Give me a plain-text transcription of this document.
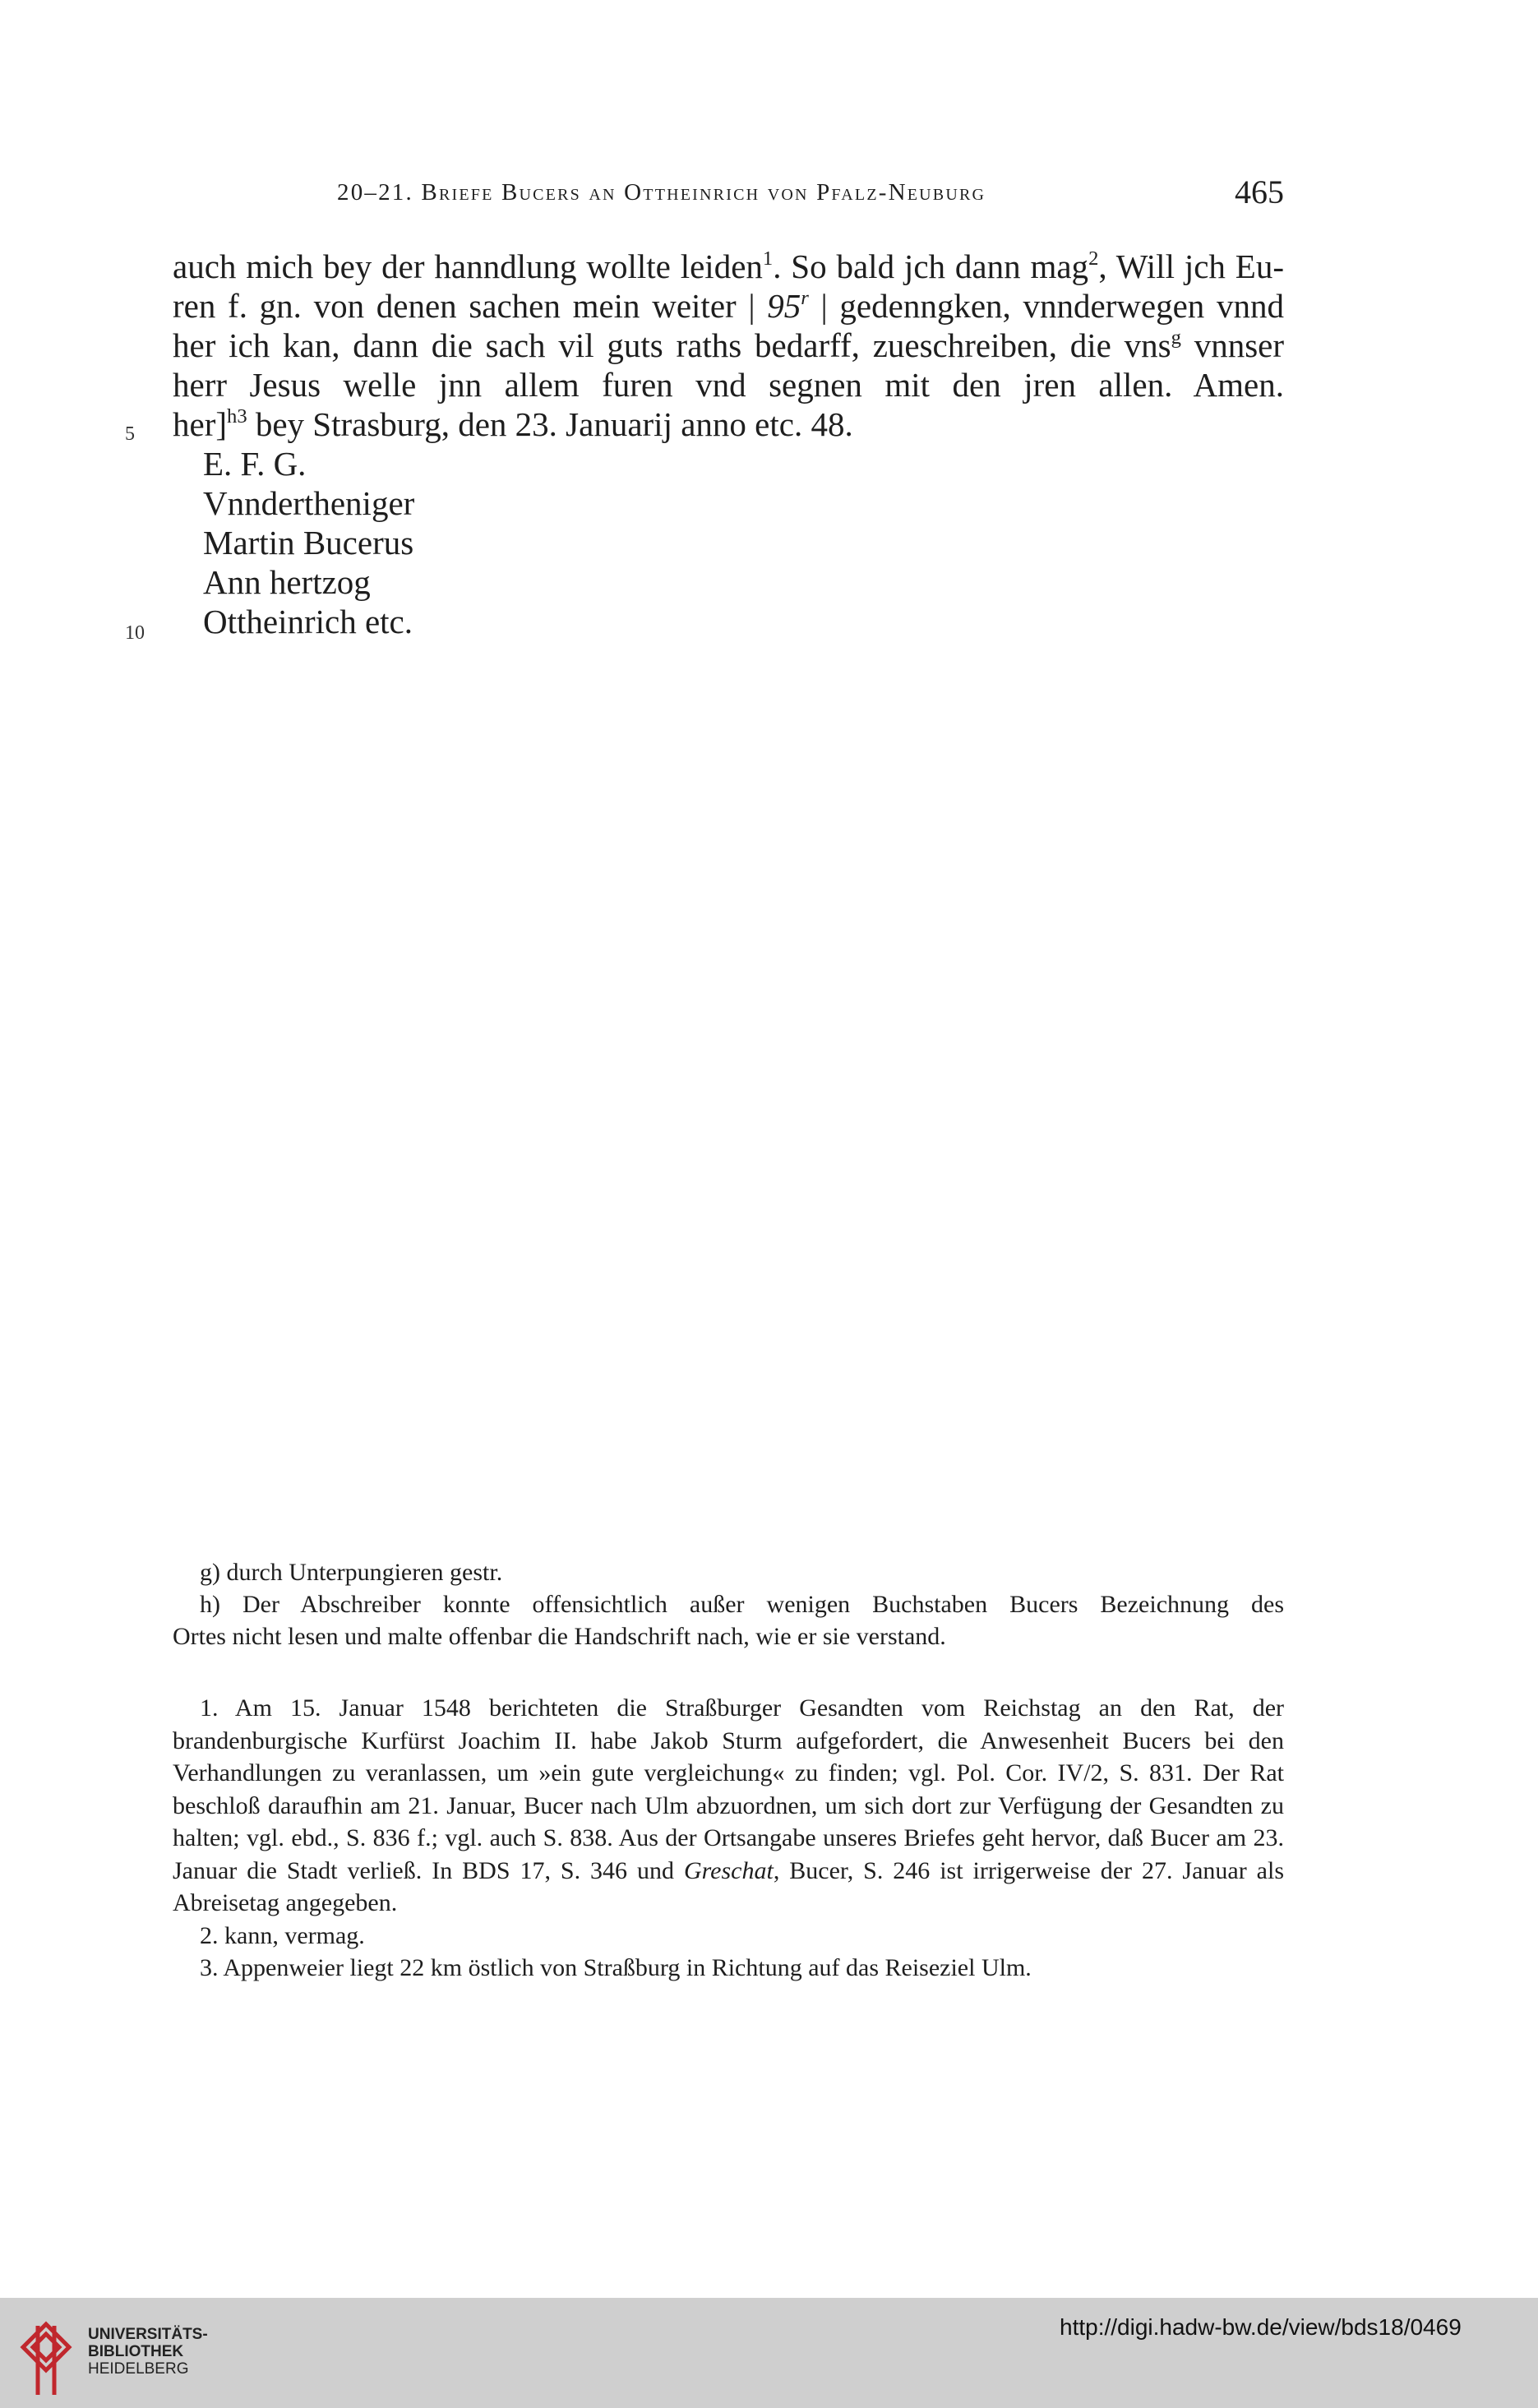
20–21. Briefe Bucers an Ottheinrich von Pfalz-Neuburg	465
auch mich bey der hanndlung wollte leiden$^1$. So bald jch dann mag$^2$, Will jch Eu-
ren f. gn. von denen sachen mein weiter | 95$^r$ | gedenngken, vnnderwegen vnnd
her ich kan, dann die sach vil guts raths bedarff, zueschreiben, die vns$^g$ vnnser
herr Jesus welle jnn allem furen vnd segnen mit den jren allen. Amen.
her]$^{h3}$ bey Strasburg, den 23. Januarij anno etc. 48.
E. F. G.
Vnndertheniger
Martin Bucerus
Ann hertzog
Ottheinrich etc.
5
10
g) durch Unterpungieren gestr.
h) Der Abschreiber konnte offensichtlich außer wenigen Buchstaben Bucers Bezeichnung des
Ortes nicht lesen und malte offenbar die Handschrift nach, wie er sie verstand.
1. Am 15. Januar 1548 berichteten die Straßburger Gesandten vom Reichstag an den Rat, der brandenburgische Kurfürst Joachim II. habe Jakob Sturm aufgefordert, die Anwesenheit Bucers bei den Verhandlungen zu veranlassen, um »ein gute vergleichung« zu finden; vgl. Pol. Cor. IV/2, S. 831. Der Rat beschloß daraufhin am 21. Januar, Bucer nach Ulm abzuordnen, um sich dort zur Verfügung der Gesandten zu halten; vgl. ebd., S. 836 f.; vgl. auch S. 838. Aus der Ortsangabe unseres Briefes geht hervor, daß Bucer am 23. Januar die Stadt verließ. In BDS 17, S. 346 und Greschat, Bucer, S. 246 ist irrigerweise der 27. Januar als Abreisetag angegeben.
2. kann, vermag.
3. Appenweier liegt 22 km östlich von Straßburg in Richtung auf das Reiseziel Ulm.
UNIVERSITÄTS-
BIBLIOTHEK
HEIDELBERG
http://digi.hadw-bw.de/view/bds18/0469
